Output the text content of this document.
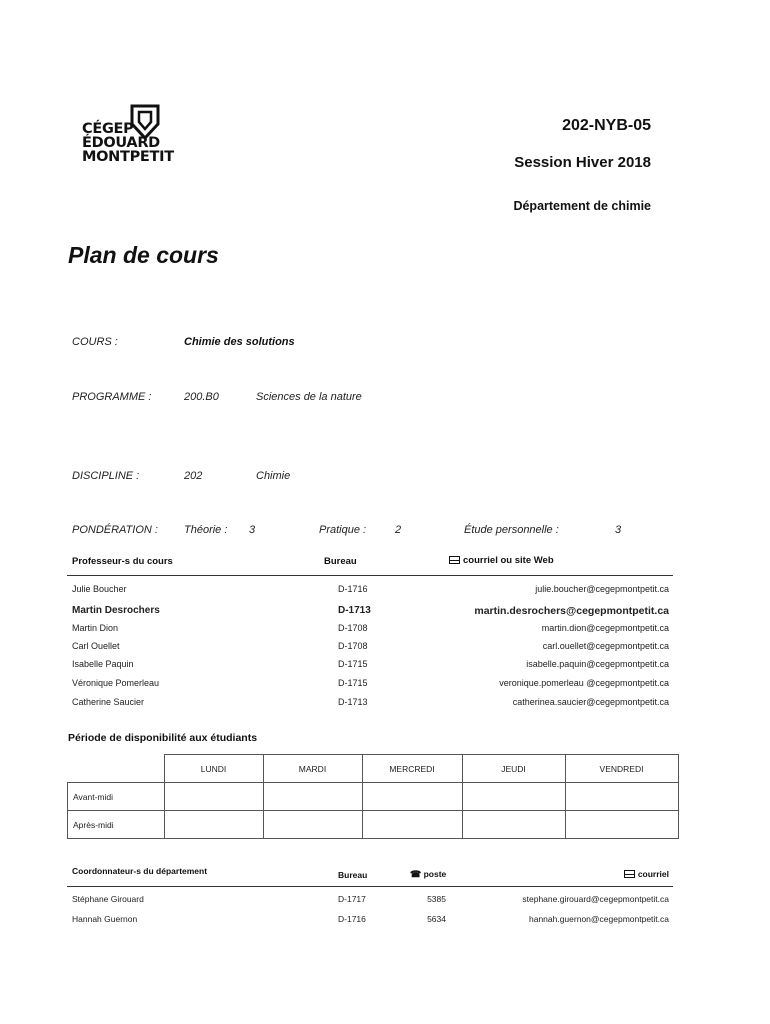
CÉGEP
ÉDOUARD
MONTPETIT
202-NYB-05
Session Hiver 2018
Département de chimie
Plan de cours
COURS :	Chimie des solutions
PROGRAMME :	200.B0	Sciences de la nature
DISCIPLINE :	202	Chimie
PONDÉRATION : Théorie : 3	Pratique :	2	Étude personnelle :	3
Professeur-s du cours	Bureau	courriel ou site Web
Julie Boucher	D-1716	julie.boucher@cegepmontpetit.ca
Martin Desrochers	D-1713	martin.desrochers@cegepmontpetit.ca
Martin Dion	D-1708	martin.dion@cegepmontpetit.ca
Carl Ouellet	D-1708	carl.ouellet@cegepmontpetit.ca
Isabelle Paquin	D-1715	isabelle.paquin@cegepmontpetit.ca
Véronique Pomerleau	D-1715	veronique.pomerleau @cegepmontpetit.ca
Catherine Saucier	D-1713	catherinea.saucier@cegepmontpetit.ca
Période de disponibilité aux étudiants
	LUNDI	MARDI	MERCREDI	JEUDI	VENDREDI
Avant-midi					
Après-midi					
Coordonnateur-s du département	Bureau	☎ poste	courriel
Stéphane Girouard	D-1717	5385	stephane.girouard@cegepmontpetit.ca
Hannah Guernon	D-1716	5634	hannah.guernon@cegepmontpetit.ca
